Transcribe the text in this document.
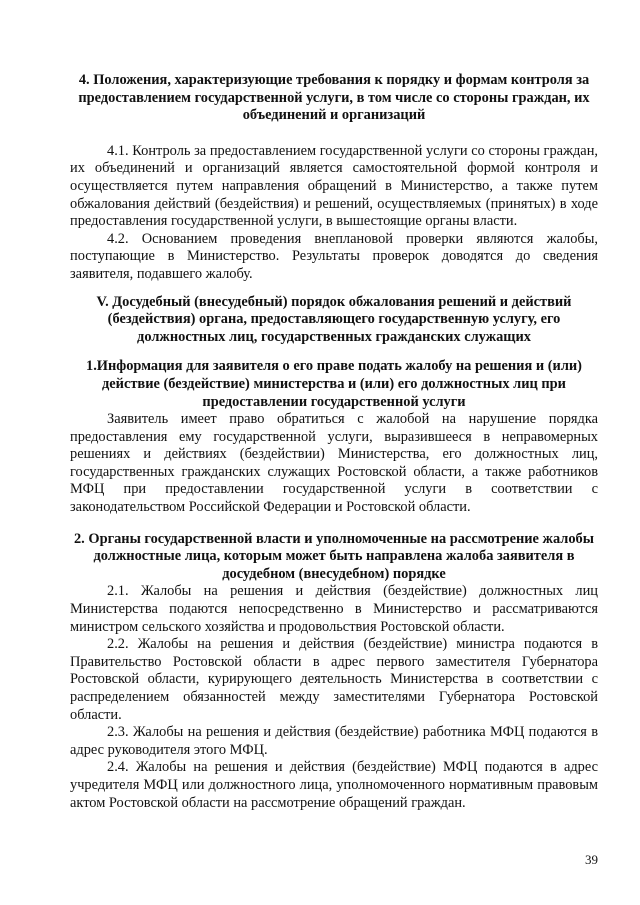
4. Положения, характеризующие требования к порядку и формам контроля за предоставлением государственной услуги, в том числе со стороны граждан, их объединений и организаций

4.1. Контроль за предоставлением государственной услуги со стороны граждан, их объединений и организаций является самостоятельной формой контроля и осуществляется путем направления обращений в Министерство, а также путем обжалования действий (бездействия) и решений, осуществляемых (принятых) в ходе предоставления государственной услуги, в вышестоящие органы власти.

4.2. Основанием проведения внеплановой проверки являются жалобы, поступающие в Министерство. Результаты проверок доводятся до сведения заявителя, подавшего жалобу.

V. Досудебный (внесудебный) порядок обжалования решений и действий (бездействия) органа, предоставляющего государственную услугу, его должностных лиц, государственных гражданских служащих

1.Информация для заявителя о его праве подать жалобу на решения и (или) действие (бездействие) министерства и (или) его должностных лиц при предоставлении государственной услуги

Заявитель имеет право обратиться с жалобой на нарушение порядка предоставления ему государственной услуги, выразившееся в неправомерных решениях и действиях (бездействии) Министерства, его должностных лиц, государственных гражданских служащих Ростовской области, а также работников МФЦ при предоставлении государственной услуги в соответствии с законодательством Российской Федерации и Ростовской области.

2. Органы государственной власти и уполномоченные на рассмотрение жалобы должностные лица, которым может быть направлена жалоба заявителя в досудебном (внесудебном) порядке

2.1. Жалобы на решения и действия (бездействие) должностных лиц Министерства подаются непосредственно в Министерство и рассматриваются министром сельского хозяйства и продовольствия Ростовской области.

2.2. Жалобы на решения и действия (бездействие) министра подаются в Правительство Ростовской области в адрес первого заместителя Губернатора Ростовской области, курирующего деятельность Министерства в соответствии с распределением обязанностей между заместителями Губернатора Ростовской области.

2.3. Жалобы на решения и действия (бездействие) работника МФЦ подаются в адрес руководителя этого МФЦ.

2.4. Жалобы на решения и действия (бездействие) МФЦ подаются в адрес учредителя МФЦ или должностного лица, уполномоченного нормативным правовым актом Ростовской области на рассмотрение обращений граждан.

39
